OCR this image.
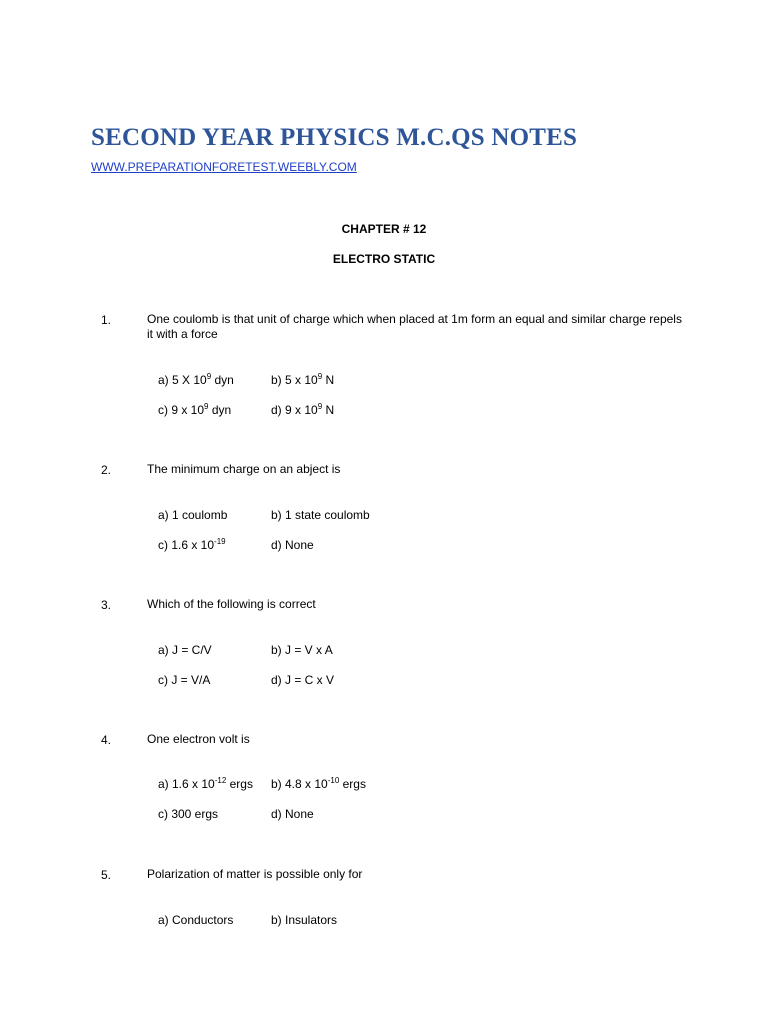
SECOND YEAR PHYSICS M.C.QS NOTES
WWW.PREPARATIONFORETEST.WEEBLY.COM
CHAPTER # 12
ELECTRO STATIC
1.	One coulomb is that unit of charge which when placed at 1m form an equal and similar charge repels it with a force
a) 5 X $10^9$ dyn	b) 5 x $10^9$ N
c) 9 x $10^9$ dyn	d) 9 x $10^9$ N
2.	The minimum charge on an abject is
a) 1 coulomb	b) 1 state coulomb
c) 1.6 x $10^{-19}$	d) None
3.	Which of the following is correct
a) J = C/V	b) J = V x A
c) J = V/A	d) J = C x V
4.	One electron volt is
a) 1.6 x $10^{-12}$ ergs b) 4.8 x $10^{-10}$ ergs
c) 300 ergs	d) None
5.	Polarization of matter is possible only for
a) Conductors	b) Insulators
